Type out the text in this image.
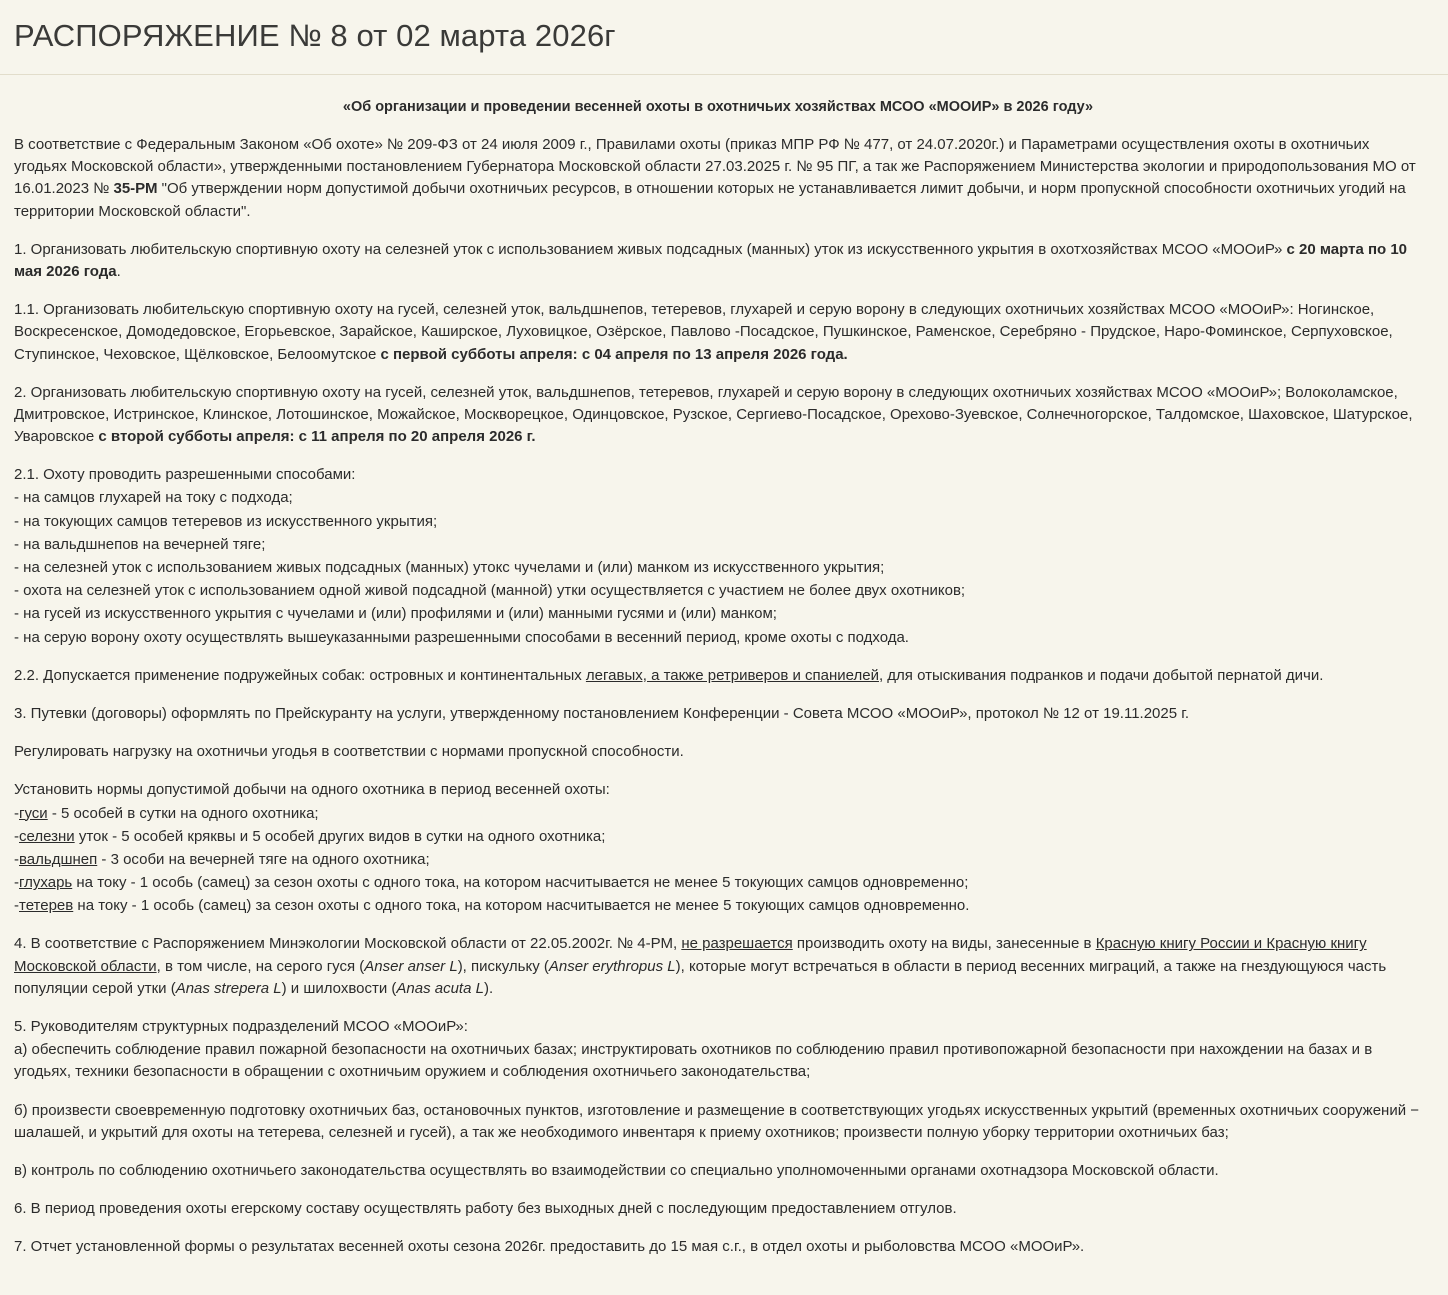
РАСПОРЯЖЕНИЕ № 8 от 02 марта 2026г

«Об организации и проведении весенней охоты в охотничьих хозяйствах МСОО «МООИР» в 2026 году»

В соответствие с Федеральным Законом «Об охоте» № 209-ФЗ от 24 июля 2009 г., Правилами охоты (приказ МПР РФ № 477, от 24.07.2020г.) и Параметрами осуществления охоты в охотничьих угодьях Московской области», утвержденными постановлением Губернатора Московской области 27.03.2025 г. № 95 ПГ, а так же Распоряжением Министерства экологии и природопользования МО от 16.01.2023 № 35-РМ "Об утверждении норм допустимой добычи охотничьих ресурсов, в отношении которых не устанавливается лимит добычи, и норм пропускной способности охотничьих угодий на территории Московской области".

1. Организовать любительскую спортивную охоту на селезней уток с использованием живых подсадных (манных) уток из искусственного укрытия в охотхозяйствах МСОО «МООиР» с 20 марта по 10 мая 2026 года.

1.1. Организовать любительскую спортивную охоту на гусей, селезней уток, вальдшнепов, тетеревов, глухарей и серую ворону в следующих охотничьих хозяйствах МСОО «МООиР»: Ногинское, Воскресенское, Домодедовское, Егорьевское, Зарайское, Каширское, Луховицкое, Озёрское, Павлово -Посадское, Пушкинское, Раменское, Серебряно - Прудское, Наро-Фоминское, Серпуховское, Ступинское, Чеховское, Щёлковское, Белоомутское с первой субботы апреля: с 04 апреля по 13 апреля 2026 года.

2. Организовать любительскую спортивную охоту на гусей, селезней уток, вальдшнепов, тетеревов, глухарей и серую ворону в следующих охотничьих хозяйствах МСОО «МООиР»; Волоколамское, Дмитровское, Истринское, Клинское, Лотошинское, Можайское, Москворецкое, Одинцовское, Рузское, Сергиево-Посадское, Орехово-Зуевское, Солнечногорское, Талдомское, Шаховское, Шатурское, Уваровское с второй субботы апреля: с 11 апреля по 20 апреля 2026 г.

2.1. Охоту проводить разрешенными способами:

- на самцов глухарей на току с подхода;

- на токующих самцов тетеревов из искусственного укрытия;

- на вальдшнепов на вечерней тяге;

- на селезней уток с использованием живых подсадных (манных) утокс чучелами и (или) манком из искусственного укрытия;

- охота на селезней уток с использованием одной живой подсадной (манной) утки осуществляется с участием не более двух охотников;

- на гусей из искусственного укрытия с чучелами и (или) профилями и (или) манными гусями и (или) манком;

- на серую ворону охоту осуществлять вышеуказанными разрешенными способами в весенний период, кроме охоты с подхода.

2.2. Допускается применение подружейных собак: островных и континентальных легавых, а также ретриверов и спаниелей, для отыскивания подранков и подачи добытой пернатой дичи.

3. Путевки (договоры) оформлять по Прейскуранту на услуги, утвержденному постановлением Конференции - Совета МСОО «МООиР», протокол № 12 от 19.11.2025 г.

Регулировать нагрузку на охотничьи угодья в соответствии с нормами пропускной способности.

Установить нормы допустимой добычи на одного охотника в период весенней охоты:

-гуси - 5 особей в сутки на одного охотника;

-селезни уток - 5 особей кряквы и 5 особей других видов в сутки на одного охотника;

-вальдшнеп - 3 особи на вечерней тяге на одного охотника;

-глухарь на току - 1 особь (самец) за сезон охоты с одного тока, на котором насчитывается не менее 5 токующих самцов одновременно;

-тетерев на току - 1 особь (самец) за сезон охоты с одного тока, на котором насчитывается не менее 5 токующих самцов одновременно.

4. В соответствие с Распоряжением Минэкологии Московской области от 22.05.2002г. № 4-РМ, не разрешается производить охоту на виды, занесенные в Красную книгу России и Красную книгу Московской области, в том числе, на серого гуся (Anser anser L), пискульку (Anser erythropus L), которые могут встречаться в области в период весенних миграций, а также на гнездующуюся часть популяции серой утки (Anas strepera L) и шилохвости (Anas acuta L).

5. Руководителям структурных подразделений МСОО «МООиР»:

а) обеспечить соблюдение правил пожарной безопасности на охотничьих базах; инструктировать охотников по соблюдению правил противопожарной безопасности при нахождении на базах и в угодьях, техники безопасности в обращении с охотничьим оружием и соблюдения охотничьего законодательства;

б) произвести своевременную подготовку охотничьих баз, остановочных пунктов, изготовление и размещение в соответствующих угодьях искусственных укрытий (временных охотничьих сооружений − шалашей, и укрытий для охоты на тетерева, селезней и гусей), а так же необходимого инвентаря к приему охотников; произвести полную уборку территории охотничьих баз;

в) контроль по соблюдению охотничьего законодательства осуществлять во взаимодействии со специально уполномоченными органами охотнадзора Московской области.

6. В период проведения охоты егерскому составу осуществлять работу без выходных дней с последующим предоставлением отгулов.

7. Отчет установленной формы о результатах весенней охоты сезона 2026г. предоставить до 15 мая с.г., в отдел охоты и рыболовства МСОО «МООиР».
